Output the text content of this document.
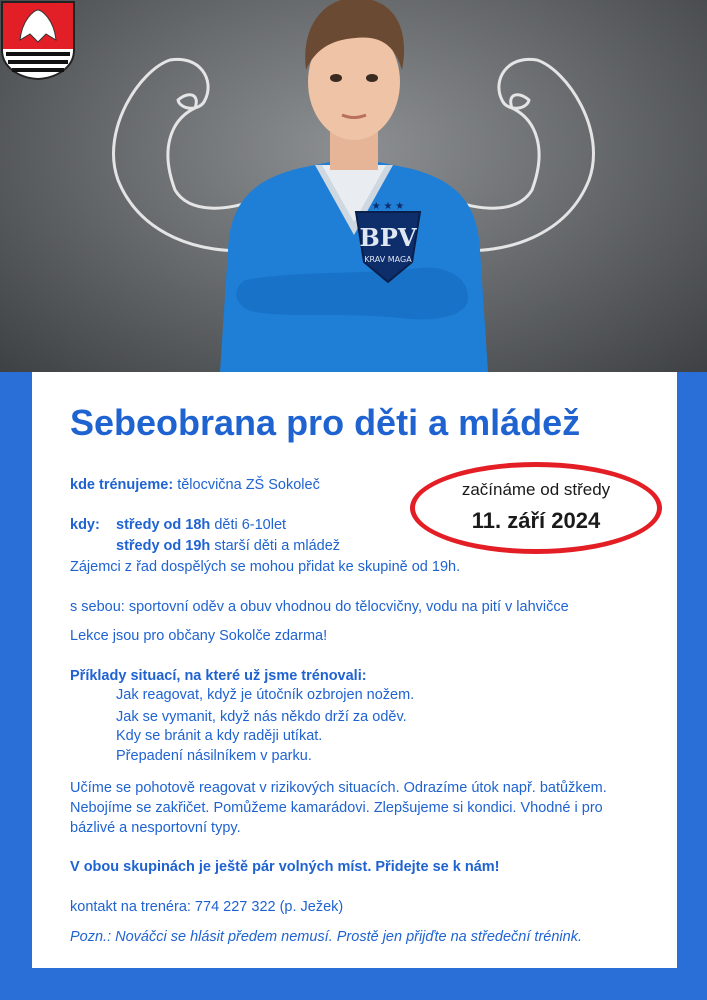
BPV
KRAV MAGA
★ ★ ★
Sebeobrana pro děti a mládež
kde trénujeme: tělocvična ZŠ Sokoleč
kdy: středy od 18h děti 6-10let
středy od 19h starší děti a mládež
Zájemci z řad dospělých se mohou přidat ke skupině od 19h.
s sebou: sportovní oděv a obuv vhodnou do tělocvičny, vodu na pití v lahvičce
Lekce jsou pro občany Sokolče zdarma!
Příklady situací, na které už jsme trénovali:
Jak reagovat, když je útočník ozbrojen nožem.
Jak se vymanit, když nás někdo drží za oděv.
Kdy se bránit a kdy raději utíkat.
Přepadení násilníkem v parku.
Učíme se pohotově reagovat v rizikových situacích. Odrazíme útok např. batůžkem.
Nebojíme se zakřičet. Pomůžeme kamarádovi. Zlepšujeme si kondici. Vhodné i pro
bázlivé a nesportovní typy.
V obou skupinách je ještě pár volných míst. Přidejte se k nám!
kontakt na trenéra: 774 227 322 (p. Ježek)
Pozn.: Nováčci se hlásit předem nemusí. Prostě jen přijďte na středeční trénink.
začínáme od středy
11. září 2024
